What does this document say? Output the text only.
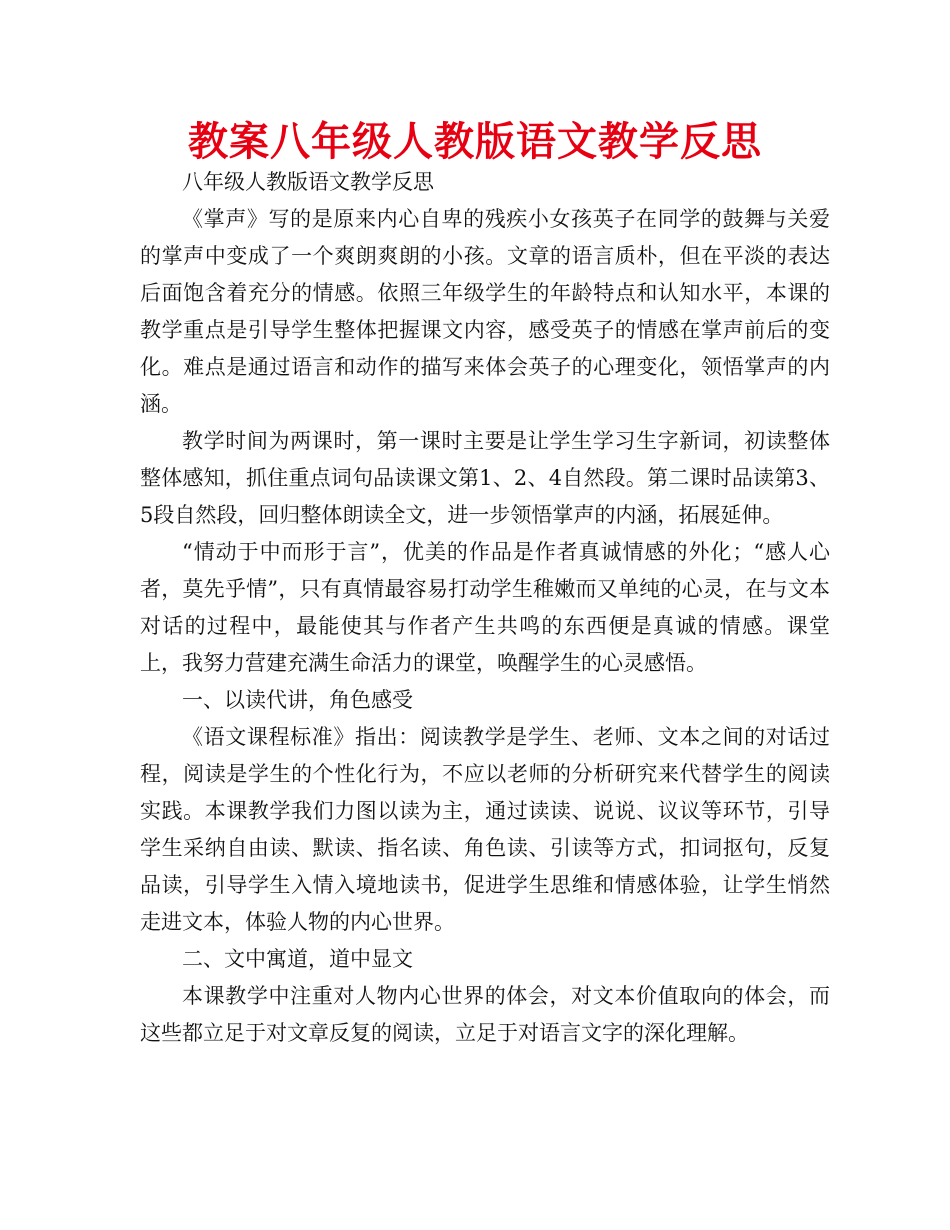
教案八年级人教版语文教学反思

八年级人教版语文教学反思

《掌声》写的是原来内心自卑的残疾小女孩英子在同学的鼓舞与关爱的掌声中变成了一个爽朗爽朗的小孩。文章的语言质朴，但在平淡的表达后面饱含着充分的情感。依照三年级学生的年龄特点和认知水平，本课的教学重点是引导学生整体把握课文内容，感受英子的情感在掌声前后的变化。难点是通过语言和动作的描写来体会英子的心理变化，领悟掌声的内涵。

教学时间为两课时，第一课时主要是让学生学习生字新词，初读整体整体感知，抓住重点词句品读课文第1、2、4自然段。第二课时品读第3、5段自然段，回归整体朗读全文，进一步领悟掌声的内涵，拓展延伸。

“情动于中而形于言”，优美的作品是作者真诚情感的外化；“感人心者，莫先乎情”，只有真情最容易打动学生稚嫩而又单纯的心灵，在与文本对话的过程中，最能使其与作者产生共鸣的东西便是真诚的情感。课堂上，我努力营建充满生命活力的课堂，唤醒学生的心灵感悟。

一、以读代讲，角色感受

《语文课程标准》指出：阅读教学是学生、老师、文本之间的对话过程，阅读是学生的个性化行为，不应以老师的分析研究来代替学生的阅读实践。本课教学我们力图以读为主，通过读读、说说、议议等环节，引导学生采纳自由读、默读、指名读、角色读、引读等方式，扣词抠句，反复品读，引导学生入情入境地读书，促进学生思维和情感体验，让学生悄然走进文本，体验人物的内心世界。

二、文中寓道，道中显文

本课教学中注重对人物内心世界的体会，对文本价值取向的体会，而这些都立足于对文章反复的阅读，立足于对语言文字的深化理解。
